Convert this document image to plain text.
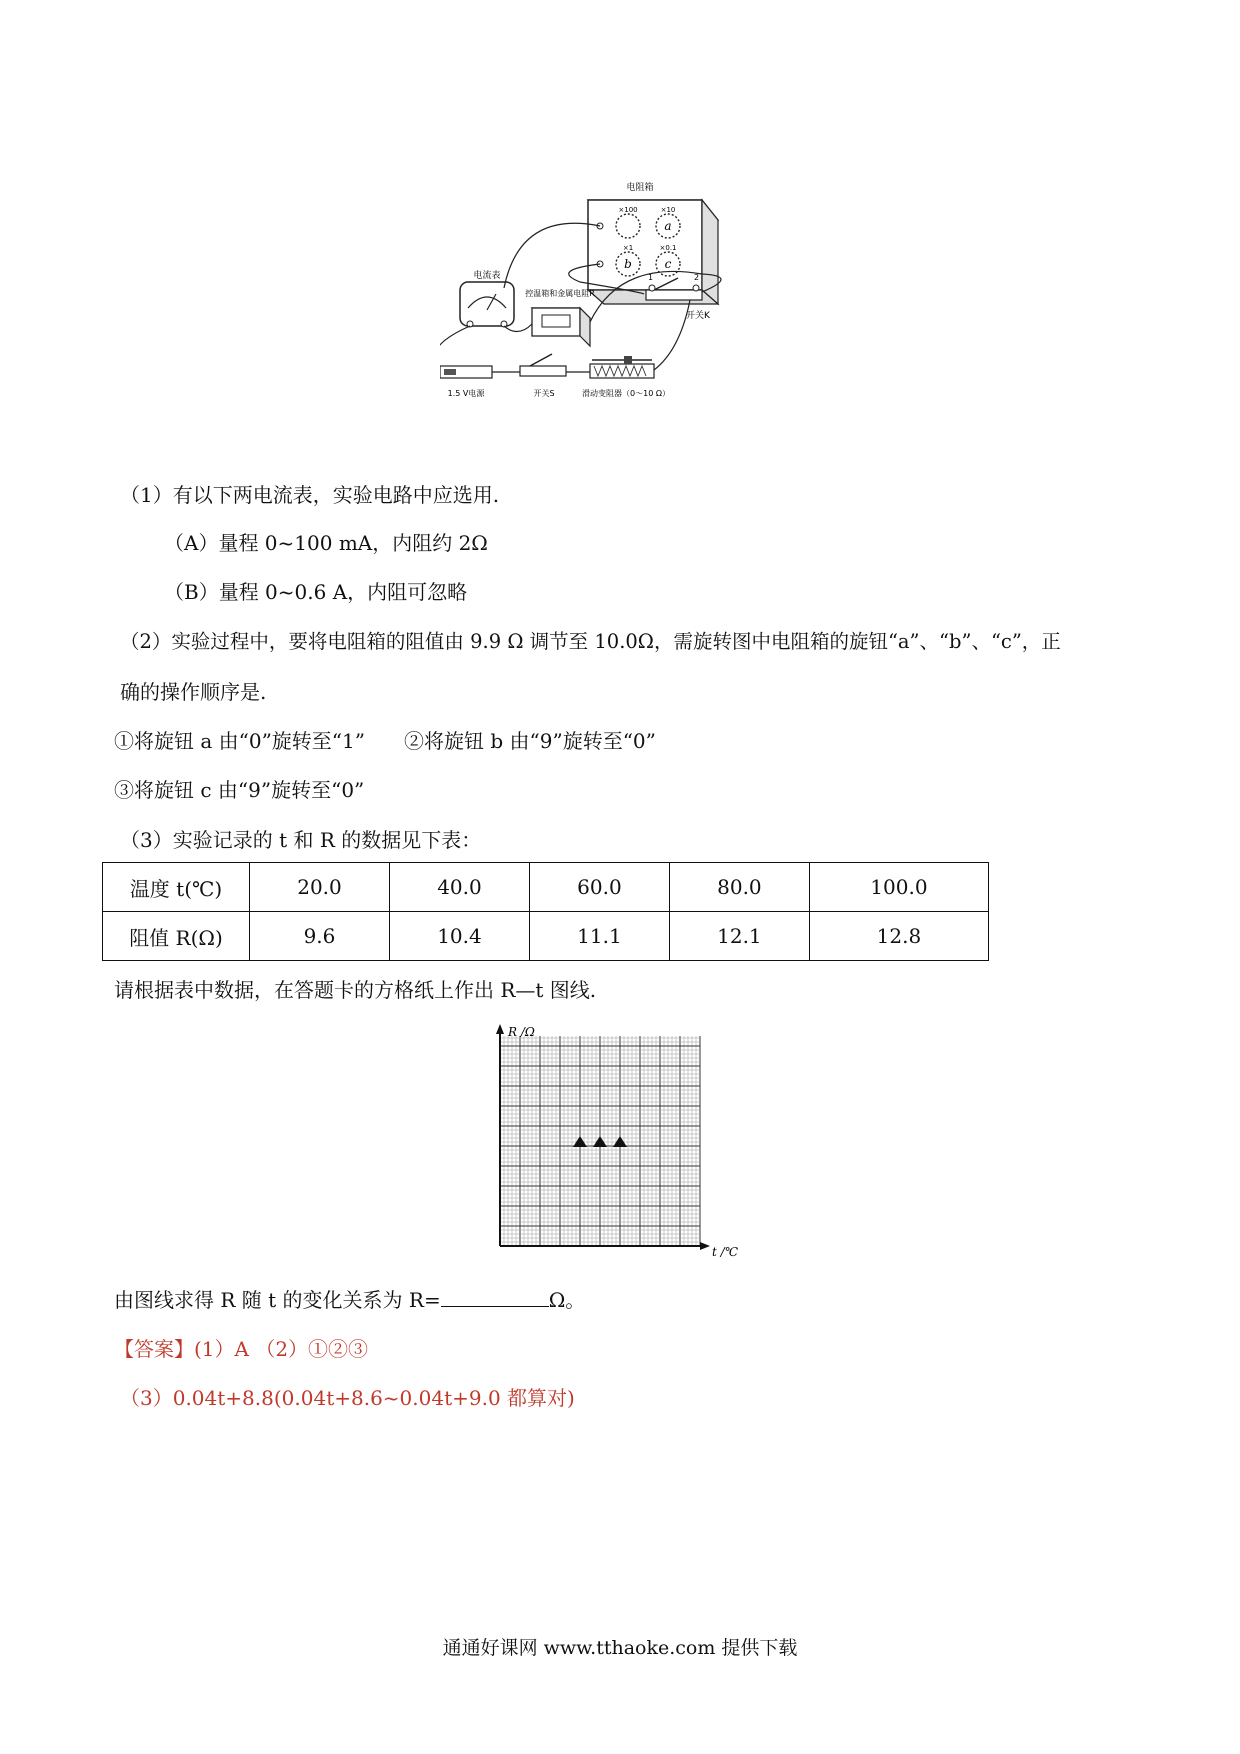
电阻箱
×100	×10
×1	×0.1
a
b	c
电流表
控温箱和金属电阻R
1	2
开关K
1.5 V电源	开关S	滑动变阻器（0～10 Ω）
（1）有以下两电流表，实验电路中应选用.
（A）量程 0~100 mA，内阻约 2Ω
（B）量程 0~0.6 A，内阻可忽略
（2）实验过程中，要将电阻箱的阻值由 9.9 Ω 调节至 10.0Ω，需旋转图中电阻箱的旋钮“a”、“b”、“c”，正
确的操作顺序是.
①将旋钮 a 由“0”旋转至“1” ②将旋钮 b 由“9”旋转至“0”
③将旋钮 c 由“9”旋转至“0”
（3）实验记录的 t 和 R 的数据见下表：
温度 t(℃)	20.0	40.0	60.0	80.0	100.0
阻值 R(Ω)	9.6	10.4	11.1	12.1	12.8
请根据表中数据，在答题卡的方格纸上作出 R—t 图线.
R /Ω
t /℃
由图线求得 R 随 t 的变化关系为 R=	Ω。
【答案】(1）A （2）①②③
（3）0.04t+8.8(0.04t+8.6~0.04t+9.0 都算对)
通通好课网 www.tthaoke.com 提供下载
